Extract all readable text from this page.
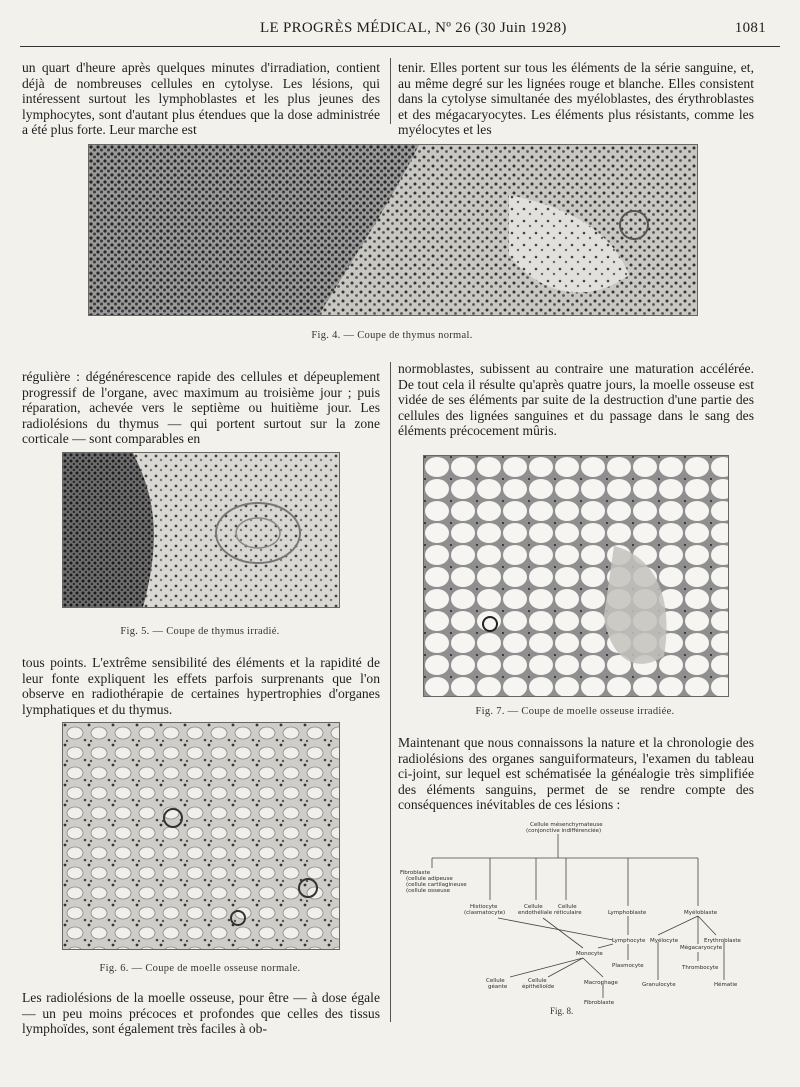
LE PROGRÈS MÉDICAL, Nº 26 (30 Juin 1928)	1081

un quart d'heure après quelques minutes d'irradiation, contient déjà de nombreuses cellules en cytolyse. Les lésions, qui intéressent surtout les lymphoblastes et les plus jeunes des lymphocytes, sont d'autant plus étendues que la dose administrée a été plus forte. Leur marche est

tenir. Elles portent sur tous les éléments de la série sanguine, et, au même degré sur les lignées rouge et blanche. Elles consistent dans la cytolyse simultanée des myéloblastes, des érythroblastes et des mégacaryocytes. Les éléments plus résistants, comme les myélocytes et les

Fig. 4. — Coupe de thymus normal.

régulière : dégénérescence rapide des cellules et dépeuplement progressif de l'organe, avec maximum au troisième jour ; puis réparation, achevée vers le septième ou huitième jour. Les radiolésions du thymus — qui portent surtout sur la zone corticale — sont comparables en

normoblastes, subissent au contraire une maturation accélérée. De tout cela il résulte qu'après quatre jours, la moelle osseuse est vidée de ses éléments par suite de la destruction d'une partie des cellules des lignées sanguines et du passage dans le sang des éléments précocement mûris.

Fig. 5. — Coupe de thymus irradié.

tous points. L'extrême sensibilité des éléments et la rapidité de leur fonte expliquent les effets parfois surprenants que l'on observe en radiothérapie de certaines hypertrophies d'organes lymphatiques et du thymus.

Fig. 6. — Coupe de moelle osseuse normale.

Les radiolésions de la moelle osseuse, pour être — à dose égale — un peu moins précoces et profondes que celles des tissus lymphoïdes, sont également très faciles à ob-

Fig. 7. — Coupe de moelle osseuse irradiée.

Maintenant que nous connaissons la nature et la chronologie des radiolésions des organes sanguiformateurs, l'examen du tableau ci-joint, sur lequel est schématisée la généalogie très simplifiée des éléments sanguins, permet de se rendre compte des conséquences inévitables de ces lésions :

Cellule mésenchymateuse
(conjonctive indifférenciée)
Fibroblaste
(cellule adipeuse
(cellule cartilagineuse
(cellule osseuse
Histiocyte
(clasmatocyte)
Cellule
endothéliale
Cellule
réticulaire	Lymphoblaste	Myéloblaste
Lymphocyte Myélocyte	Erythroblaste
Mégacaryocyte
Monocyte
Plasmocyte	Thrombocyte
Cellule
géante
Cellule
épithélioïde
Macrophage	Granulocyte	Hématie
Fibroblaste
Fig. 8.
